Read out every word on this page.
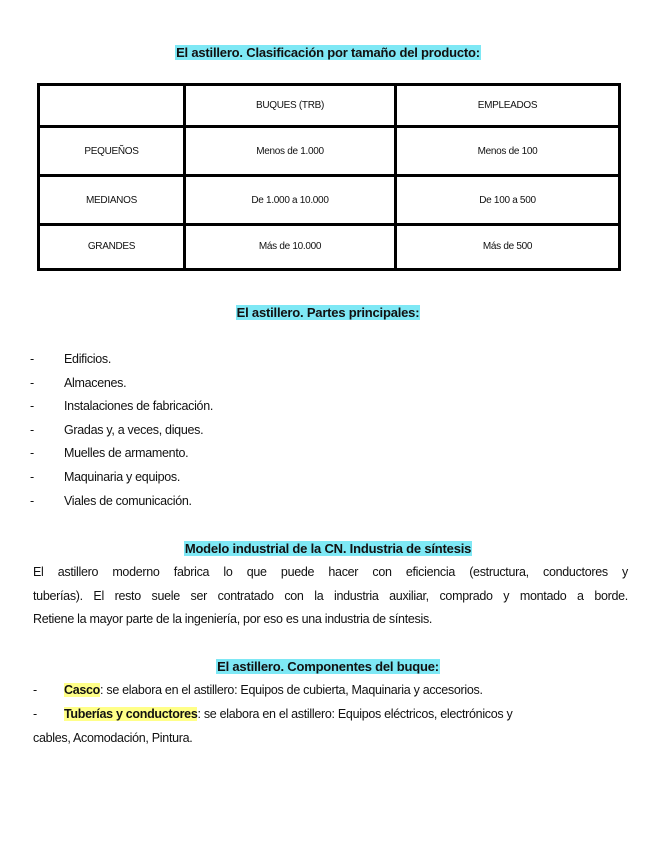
El astillero. Clasificación por tamaño del producto:
	BUQUES (TRB)	EMPLEADOS
PEQUEÑOS	Menos de 1.000	Menos de 100
MEDIANOS	De 1.000 a 10.000	De 100 a 500
GRANDES	Más de 10.000	Más de 500
El astillero. Partes principales:
- Edificios.
- Almacenes.
- Instalaciones de fabricación.
- Gradas y, a veces, diques.
- Muelles de armamento.
- Maquinaria y equipos.
- Viales de comunicación.
Modelo industrial de la CN. Industria de síntesis
El astillero moderno fabrica lo que puede hacer con eficiencia (estructura, conductores y
tuberías). El resto suele ser contratado con la industria auxiliar, comprado y montado a borde.
Retiene la mayor parte de la ingeniería, por eso es una industria de síntesis.
El astillero. Componentes del buque:
- Casco: se elabora en el astillero: Equipos de cubierta, Maquinaria y accesorios.
- Tuberías y conductores: se elabora en el astillero: Equipos eléctricos, electrónicos y
cables, Acomodación, Pintura.
